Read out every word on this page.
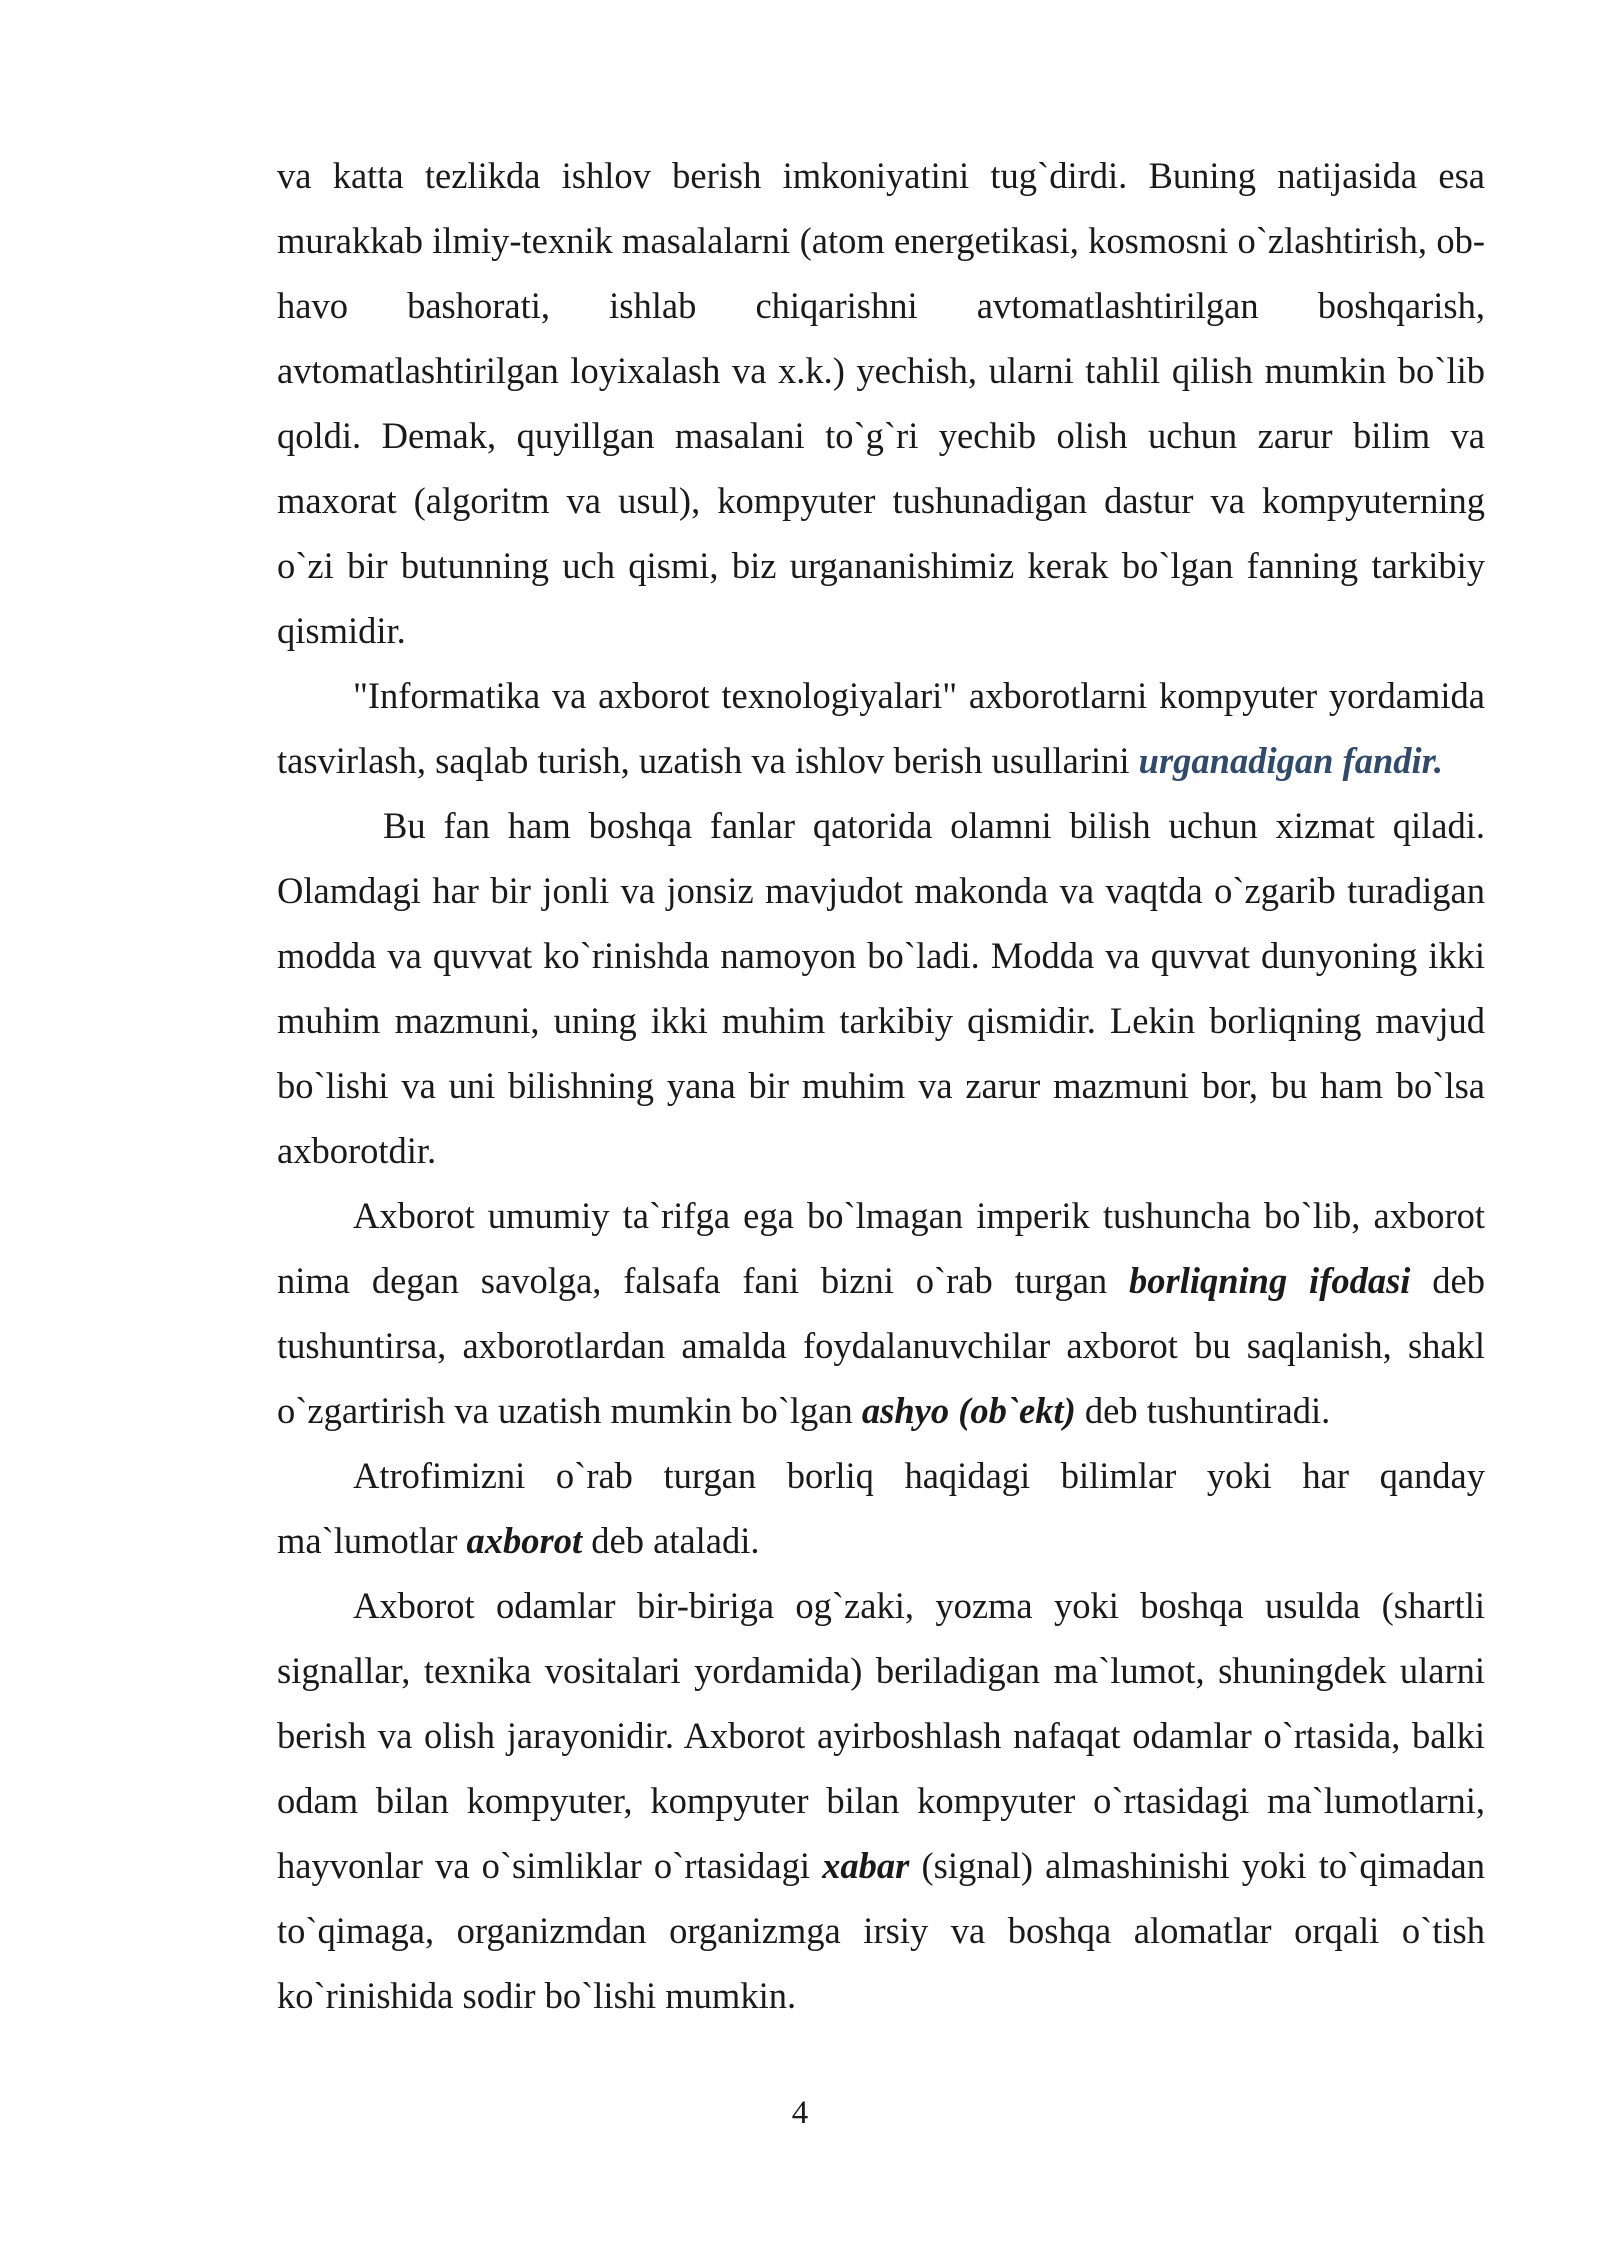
va katta tezlikda ishlov berish imkoniyatini tug`dirdi. Buning natijasida esa murakkab ilmiy-texnik masalalarni (atom energetikasi, kosmosni o`zlashtirish, ob-havo bashorati, ishlab chiqarishni avtomatlashtirilgan boshqarish, avtomatlashtirilgan loyixalash va x.k.) yechish, ularni tahlil qilish mumkin bo`lib qoldi. Demak, quyillgan masalani to`g`ri yechib olish uchun zarur bilim va maxorat (algoritm va usul), kompyuter tushunadigan dastur va kompyuterning o`zi bir butunning uch qismi, biz urgananishimiz kerak bo`lgan fanning tarkibiy qismidir.

"Informatika va axborot texnologiyalari" axborotlarni kompyuter yordamida tasvirlash, saqlab turish, uzatish va ishlov berish usullarini urganadigan fandir.

Bu fan ham boshqa fanlar qatorida olamni bilish uchun xizmat qiladi. Olamdagi har bir jonli va jonsiz mavjudot makonda va vaqtda o`zgarib turadigan modda va quvvat ko`rinishda namoyon bo`ladi. Modda va quvvat dunyoning ikki muhim mazmuni, uning ikki muhim tarkibiy qismidir. Lekin borliqning mavjud bo`lishi va uni bilishning yana bir muhim va zarur mazmuni bor, bu ham bo`lsa axborotdir.

Axborot umumiy ta`rifga ega bo`lmagan imperik tushuncha bo`lib, axborot nima degan savolga, falsafa fani bizni o`rab turgan borliqning ifodasi deb tushuntirsa, axborotlardan amalda foydalanuvchilar axborot bu saqlanish, shakl o`zgartirish va uzatish mumkin bo`lgan ashyo (ob`ekt) deb tushuntiradi.

Atrofimizni o`rab turgan borliq haqidagi bilimlar yoki har qanday ma`lumotlar axborot deb ataladi.

Axborot odamlar bir-biriga og`zaki, yozma yoki boshqa usulda (shartli signallar, texnika vositalari yordamida) beriladigan ma`lumot, shuningdek ularni berish va olish jarayonidir. Axborot ayirboshlash nafaqat odamlar o`rtasida, balki odam bilan kompyuter, kompyuter bilan kompyuter o`rtasidagi ma`lumotlarni, hayvonlar va o`simliklar o`rtasidagi xabar (signal) almashinishi yoki to`qimadan to`qimaga, organizmdan organizmga irsiy va boshqa alomatlar orqali o`tish ko`rinishida sodir bo`lishi mumkin.

4
